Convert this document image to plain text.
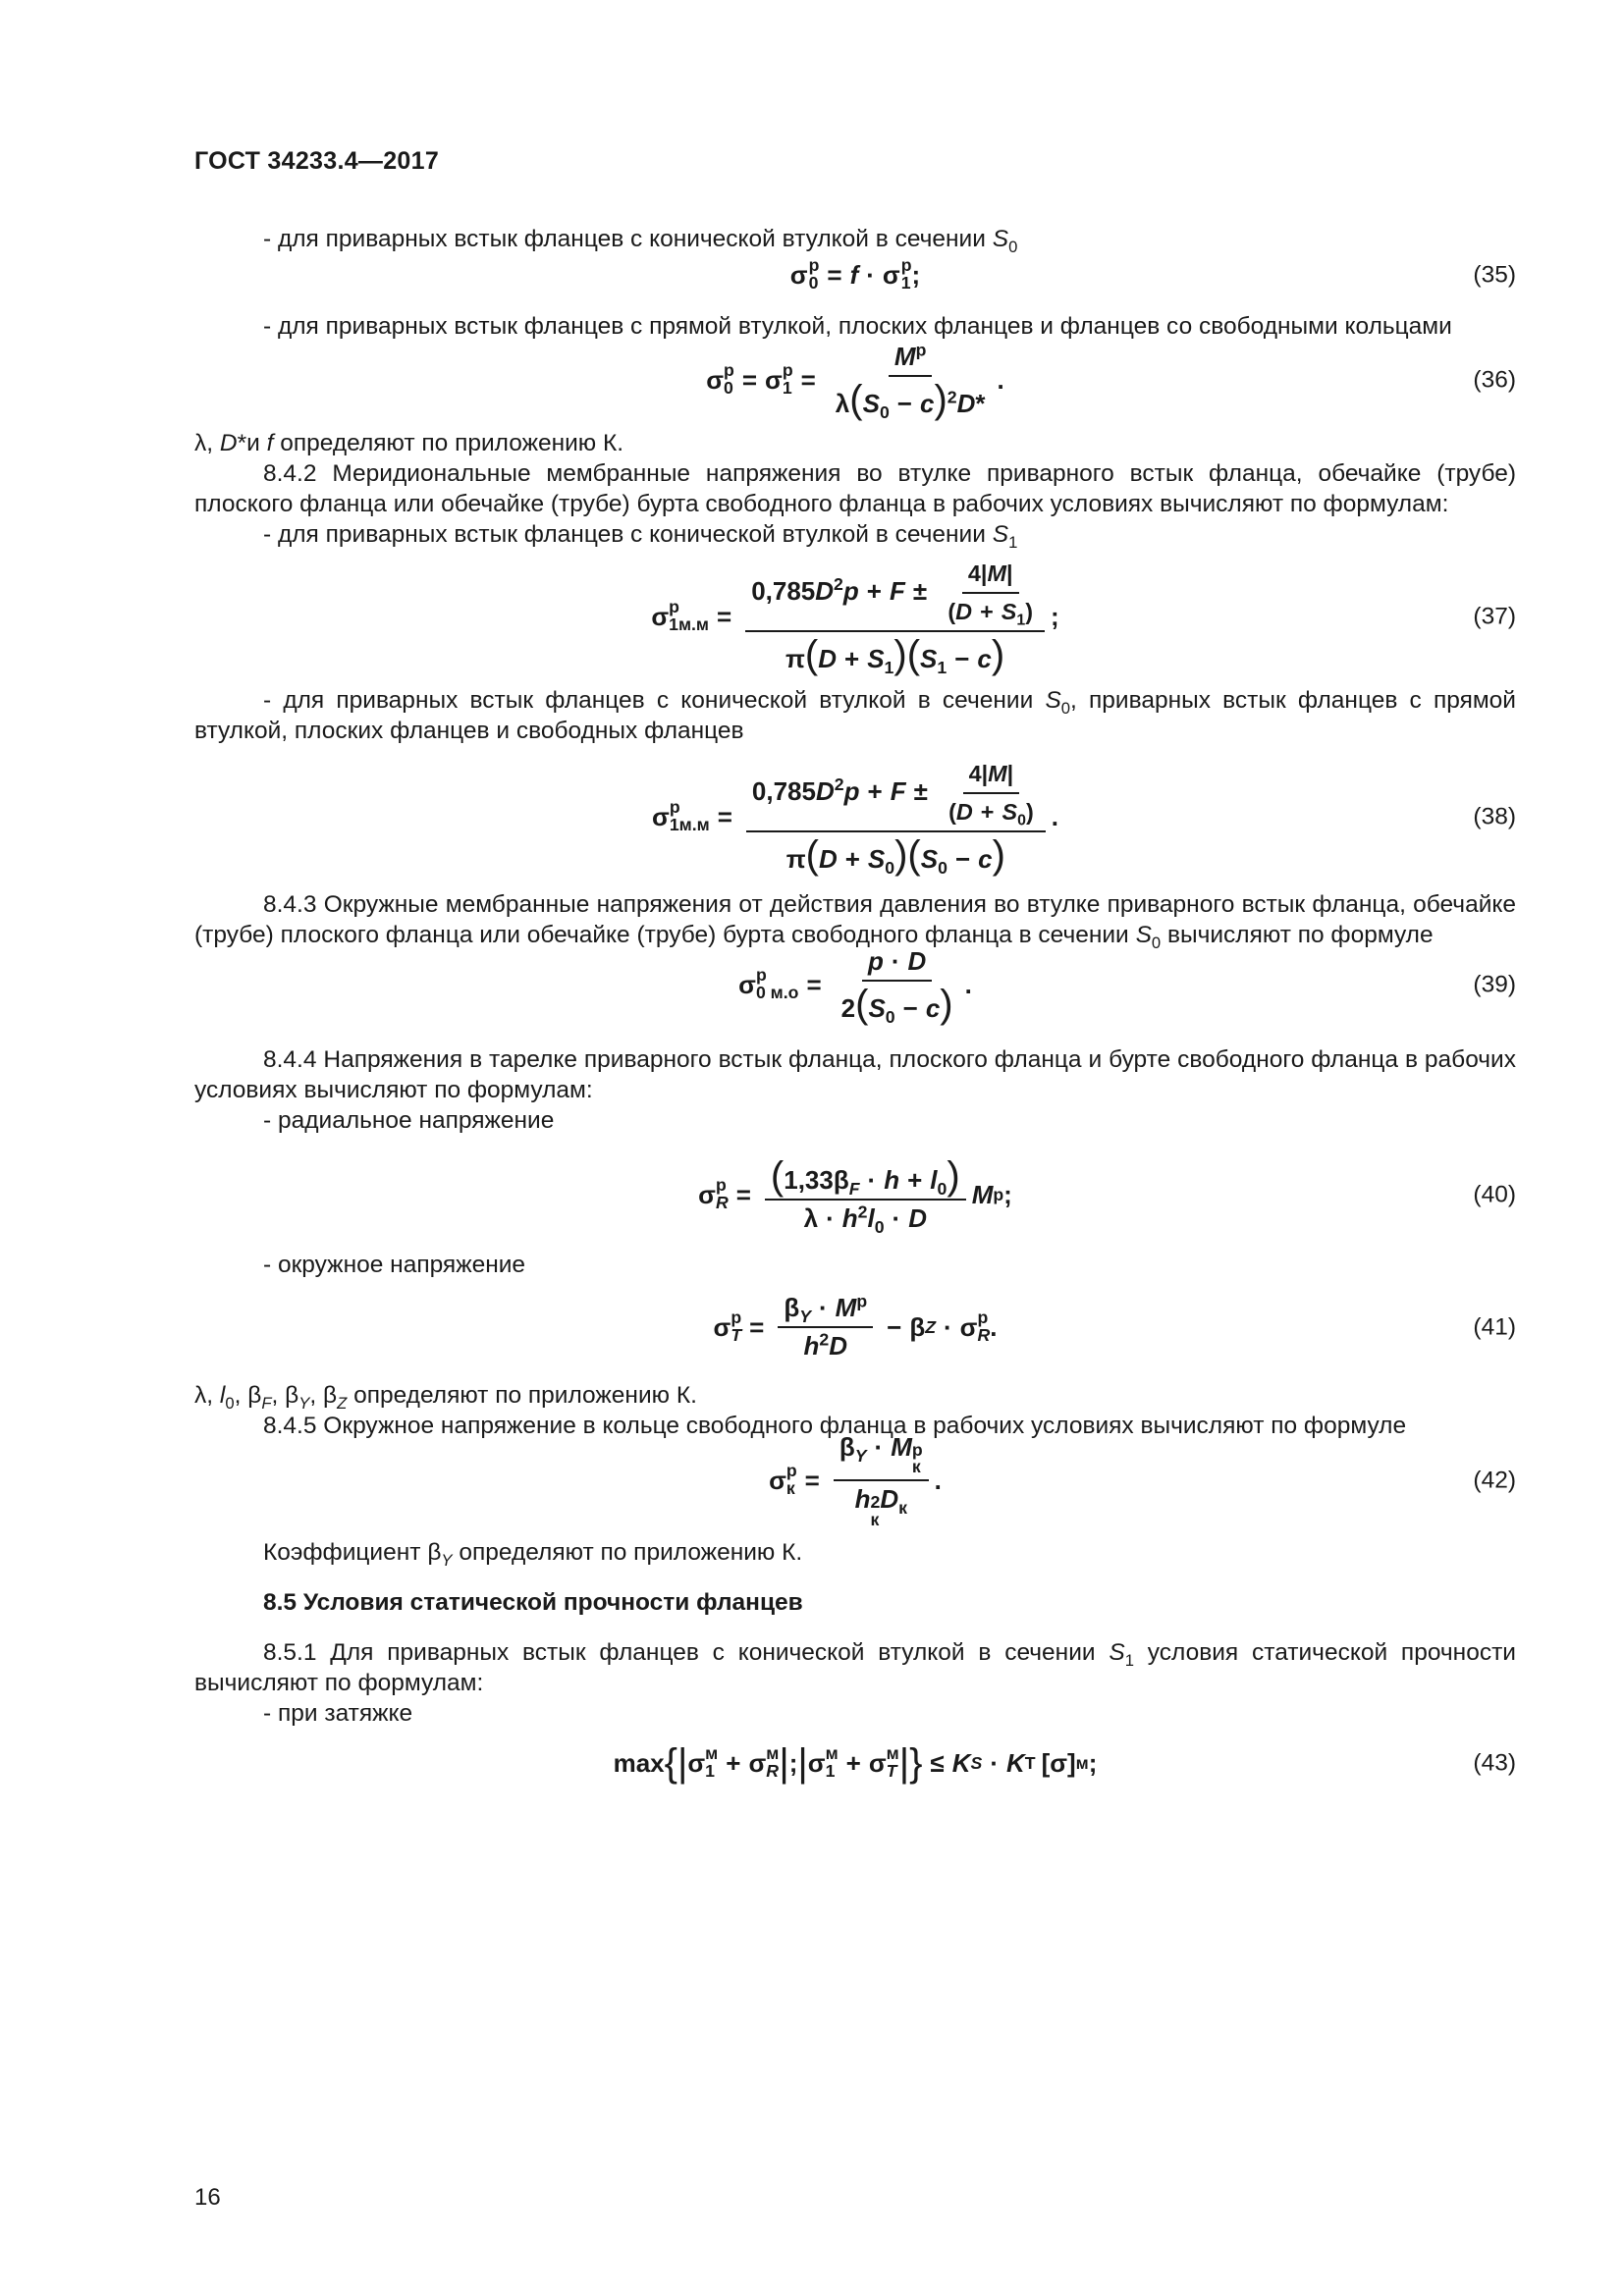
ГОСТ 34233.4—2017

- для приварных встык фланцев с конической втулкой в сечении $S_0$

σ p
0 = f · σ p
1 ;	(35)

- для приварных встык фланцев с прямой втулкой, плоских фланцев и фланцев со свободными кольцами

σ p
0 = σ p
$1 = \frac{M^p}{\lambda(S_0 - c)^2D*}$ .	(36)

λ, D*и f определяют по приложению К.

8.4.2 Меридиональные мембранные напряжения во втулке приварного встык фланца, обечайке (трубе) плоского фланца или обечайке (трубе) бурта свободного фланца в рабочих условиях вычисляют по формулам:

- для приварных встык фланцев с конической втулкой в сечении $S_1$

σ p
$1м.м = \frac{0,785D^2p + F \pm \frac{4|M|}{(D + S_1)}}{\pi(D + S_1)(S_1 - c)}$ ;	(37)

- для приварных встык фланцев с конической втулкой в сечении $S_0$, приварных встык фланцев с прямой втулкой, плоских фланцев и свободных фланцев

σ p
$1м.м = \frac{0,785D^2p + F \pm \frac{4|M|}{(D + S_0)}}{\pi(D + S_0)(S_0 - c)}$ .	(38)

8.4.3 Окружные мембранные напряжения от действия давления во втулке приварного встык фланца, обечайке (трубе) плоского фланца или обечайке (трубе) бурта свободного фланца в сечении $S_0$ вычисляют по формуле

σ p
0 $м.о = \frac{p \cdot D}{2(S_0 - c)}$ .	(39)

8.4.4 Напряжения в тарелке приварного встык фланца, плоского фланца и бурте свободного фланца в рабочих условиях вычисляют по формулам:

- радиальное напряжение

σ p
$R = \frac{(1,33\beta_F \cdot h + l_0)}{\lambda \cdot h^2l_0 \cdot D}$ M p ;	(40)

- окружное напряжение

σ p
$T = \frac{\beta_Y \cdot M^p}{h^2D} - \beta$ Z · σ p
R .	(41)

λ, $l_0$, $\beta_F$, $\beta_Y$, $\beta_Z$ определяют по приложению К.

8.4.5 Окружное напряжение в кольце свободного фланца в рабочих условиях вычисляют по формуле

σ p
$к = \beta_Y \cdot M$ p
к
h 2
к
$D_к$ .	(42)

Коэффициент $\beta_Y$ определяют по приложению К.

8.5 Условия статической прочности фланцев

8.5.1 Для приварных встык фланцев с конической втулкой в сечении $S_1$ условия статической прочности вычисляют по формулам:

- при затяжке

max { | σ м
1 + σ м
R | ; | σ м
1 + σ м
T | } ≤ K S · K T [σ] м ;	(43)
16
